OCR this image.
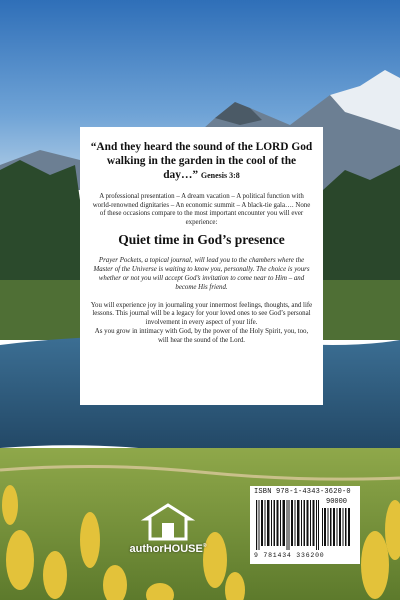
“And they heard the sound of the LORD God walking in the garden in the cool of the day…” Genesis 3:8

A professional presentation – A dream vacation – A political function with world-renowned dignitaries – An economic summit – A black-tie gala…. None of these occasions compare to the most important encounter you will ever experience:

Quiet time in God’s presence

Prayer Pockets, a topical journal, will lead you to the chambers where the Master of the Universe is waiting to know you, personally. The choice is yours whether or not you will accept God’s invitation to come near to Him – and become His friend.

You will experience joy in journaling your innermost feelings, thoughts, and life lessons. This journal will be a legacy for your loved ones to see God’s personal involvement in every aspect of your life.

As you grow in intimacy with God, by the power of the Holy Spirit, you, too, will hear the sound of the Lord.

authorHOUSE®
ISBN 978-1-4343-3620-0
90000
9 781434 336200
